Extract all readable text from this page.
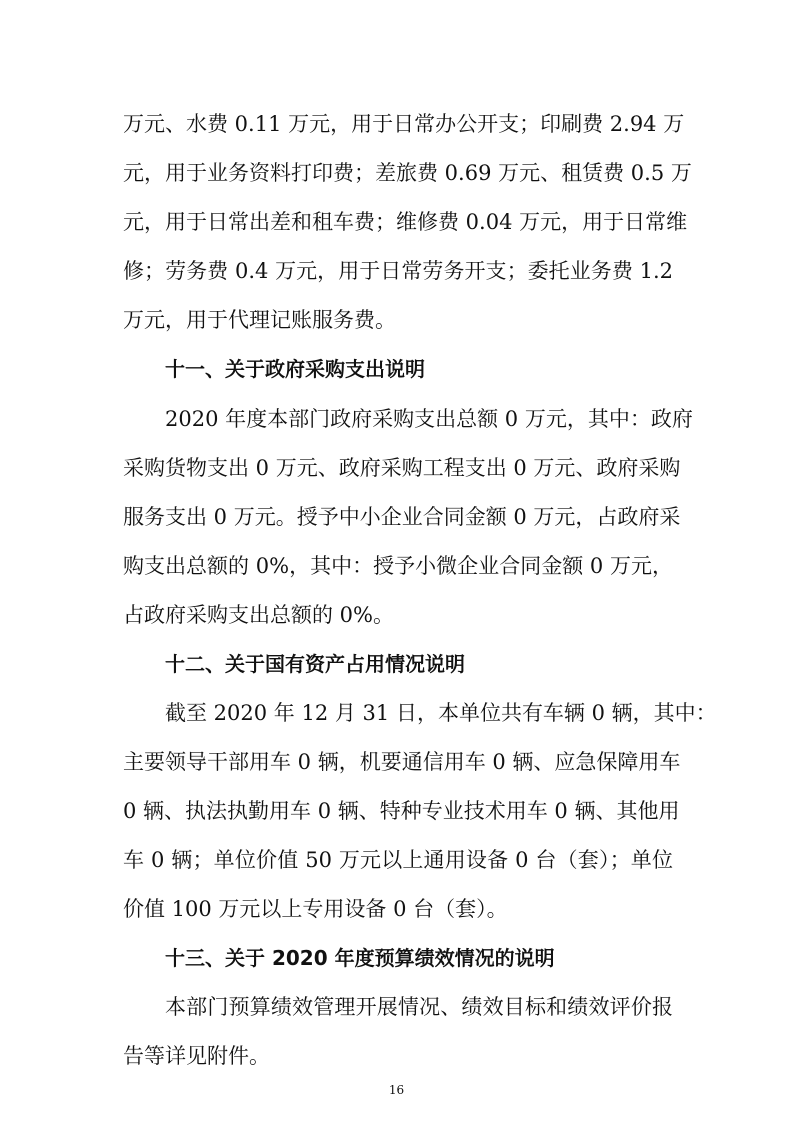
万元、水费 0.11 万元，用于日常办公开支；印刷费 2.94 万
元，用于业务资料打印费；差旅费 0.69 万元、租赁费 0.5 万
元，用于日常出差和租车费；维修费 0.04 万元，用于日常维
修；劳务费 0.4 万元，用于日常劳务开支；委托业务费 1.2
万元，用于代理记账服务费。
十一、关于政府采购支出说明
2020 年度本部门政府采购支出总额 0 万元，其中：政府
采购货物支出 0 万元、政府采购工程支出 0 万元、政府采购
服务支出 0 万元。授予中小企业合同金额 0 万元，占政府采
购支出总额的 0%，其中：授予小微企业合同金额 0 万元，
占政府采购支出总额的 0%。
十二、关于国有资产占用情况说明
截至 2020 年 12 月 31 日，本单位共有车辆 0 辆，其中：
主要领导干部用车 0 辆，机要通信用车 0 辆、应急保障用车
0 辆、执法执勤用车 0 辆、特种专业技术用车 0 辆、其他用
车 0 辆；单位价值 50 万元以上通用设备 0 台（套）；单位
价值 100 万元以上专用设备 0 台（套）。
十三、关于 2020 年度预算绩效情况的说明
本部门预算绩效管理开展情况、绩效目标和绩效评价报
告等详见附件。
16
